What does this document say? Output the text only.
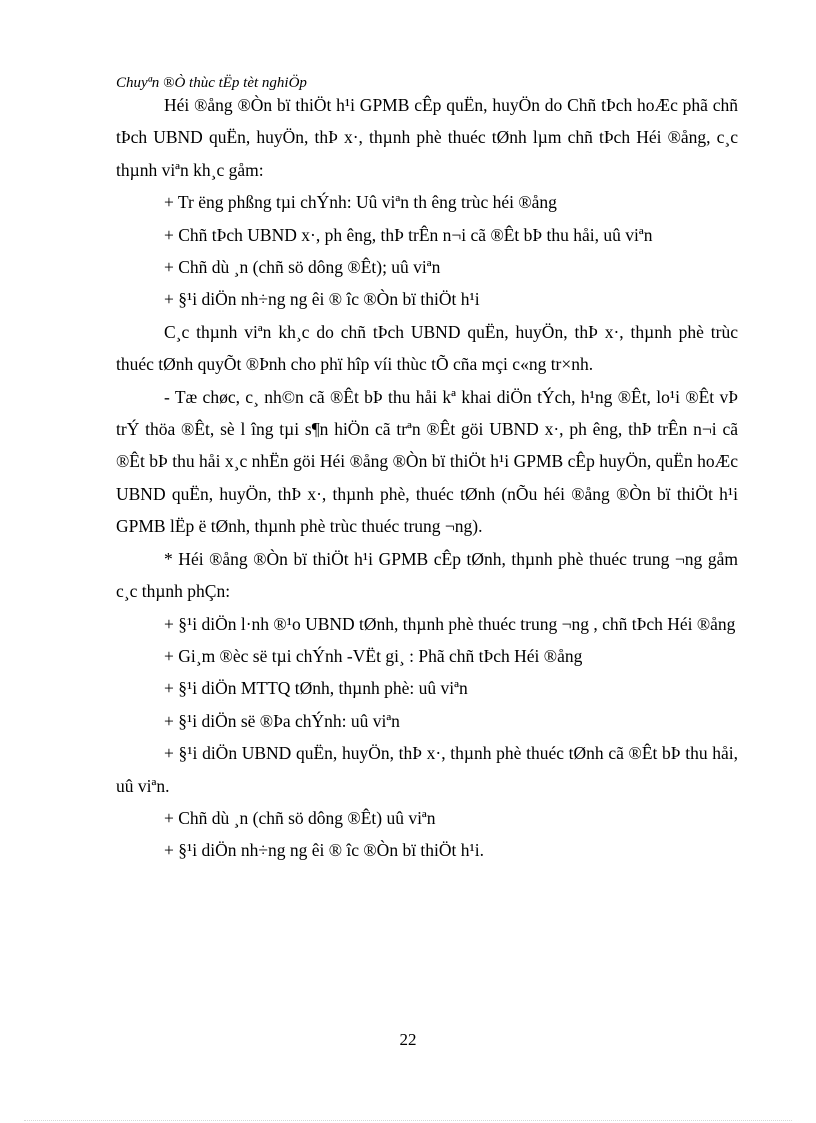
Chuyªn ®Ò thùc tËp tèt nghiÖp

Héi ®ång ®Òn bï thiÖt h¹i GPMB cÊp quËn, huyÖn do Chñ tÞch hoÆc phã chñ tÞch UBND quËn, huyÖn, thÞ x·, thµnh phè thuéc tØnh lµm chñ tÞch Héi ®ång, c¸c thµnh viªn kh¸c gåm:

+ Tr ëng phßng tµi chÝnh: Uû viªn th êng trùc héi ®ång

+ Chñ tÞch UBND x·, ph êng, thÞ trÊn n¬i cã ®Êt bÞ thu håi, uû viªn

+ Chñ dù ¸n (chñ sö dông ®Êt); uû viªn

+ §¹i diÖn nh÷ng ng êi ® îc ®Òn bï thiÖt h¹i

C¸c thµnh viªn kh¸c do chñ tÞch UBND quËn, huyÖn, thÞ x·, thµnh phè trùc thuéc tØnh quyÕt ®Þnh cho phï hîp víi thùc tÕ cña mçi c«ng tr×nh.

- Tæ chøc, c¸ nh©n cã ®Êt bÞ thu håi kª khai diÖn tÝch, h¹ng ®Êt, lo¹i ®Êt vÞ trÝ thöa ®Êt, sè l îng tµi s¶n hiÖn cã trªn ®Êt göi UBND x·, ph êng, thÞ trÊn n¬i cã ®Êt bÞ thu håi x¸c nhËn göi Héi ®ång ®Òn bï thiÖt h¹i GPMB cÊp huyÖn, quËn hoÆc UBND quËn, huyÖn, thÞ x·, thµnh phè, thuéc tØnh (nÕu héi ®ång ®Òn bï thiÖt h¹i GPMB lËp ë tØnh, thµnh phè trùc thuéc trung ¬ng).

* Héi ®ång ®Òn bï thiÖt h¹i GPMB cÊp tØnh, thµnh phè thuéc trung ¬ng gåm c¸c thµnh phÇn:

+ §¹i diÖn l·nh ®¹o UBND tØnh, thµnh phè thuéc trung ¬ng , chñ tÞch Héi ®ång

+ Gi¸m ®èc së tµi chÝnh -VËt gi¸ : Phã chñ tÞch Héi ®ång

+ §¹i diÖn MTTQ tØnh, thµnh phè: uû viªn

+ §¹i diÖn së ®Þa chÝnh: uû viªn

+ §¹i diÖn UBND quËn, huyÖn, thÞ x·, thµnh phè thuéc tØnh cã ®Êt bÞ thu håi, uû viªn.

+ Chñ dù ¸n (chñ sö dông ®Êt) uû viªn

+ §¹i diÖn nh÷ng ng êi ® îc ®Òn bï thiÖt h¹i.

22
